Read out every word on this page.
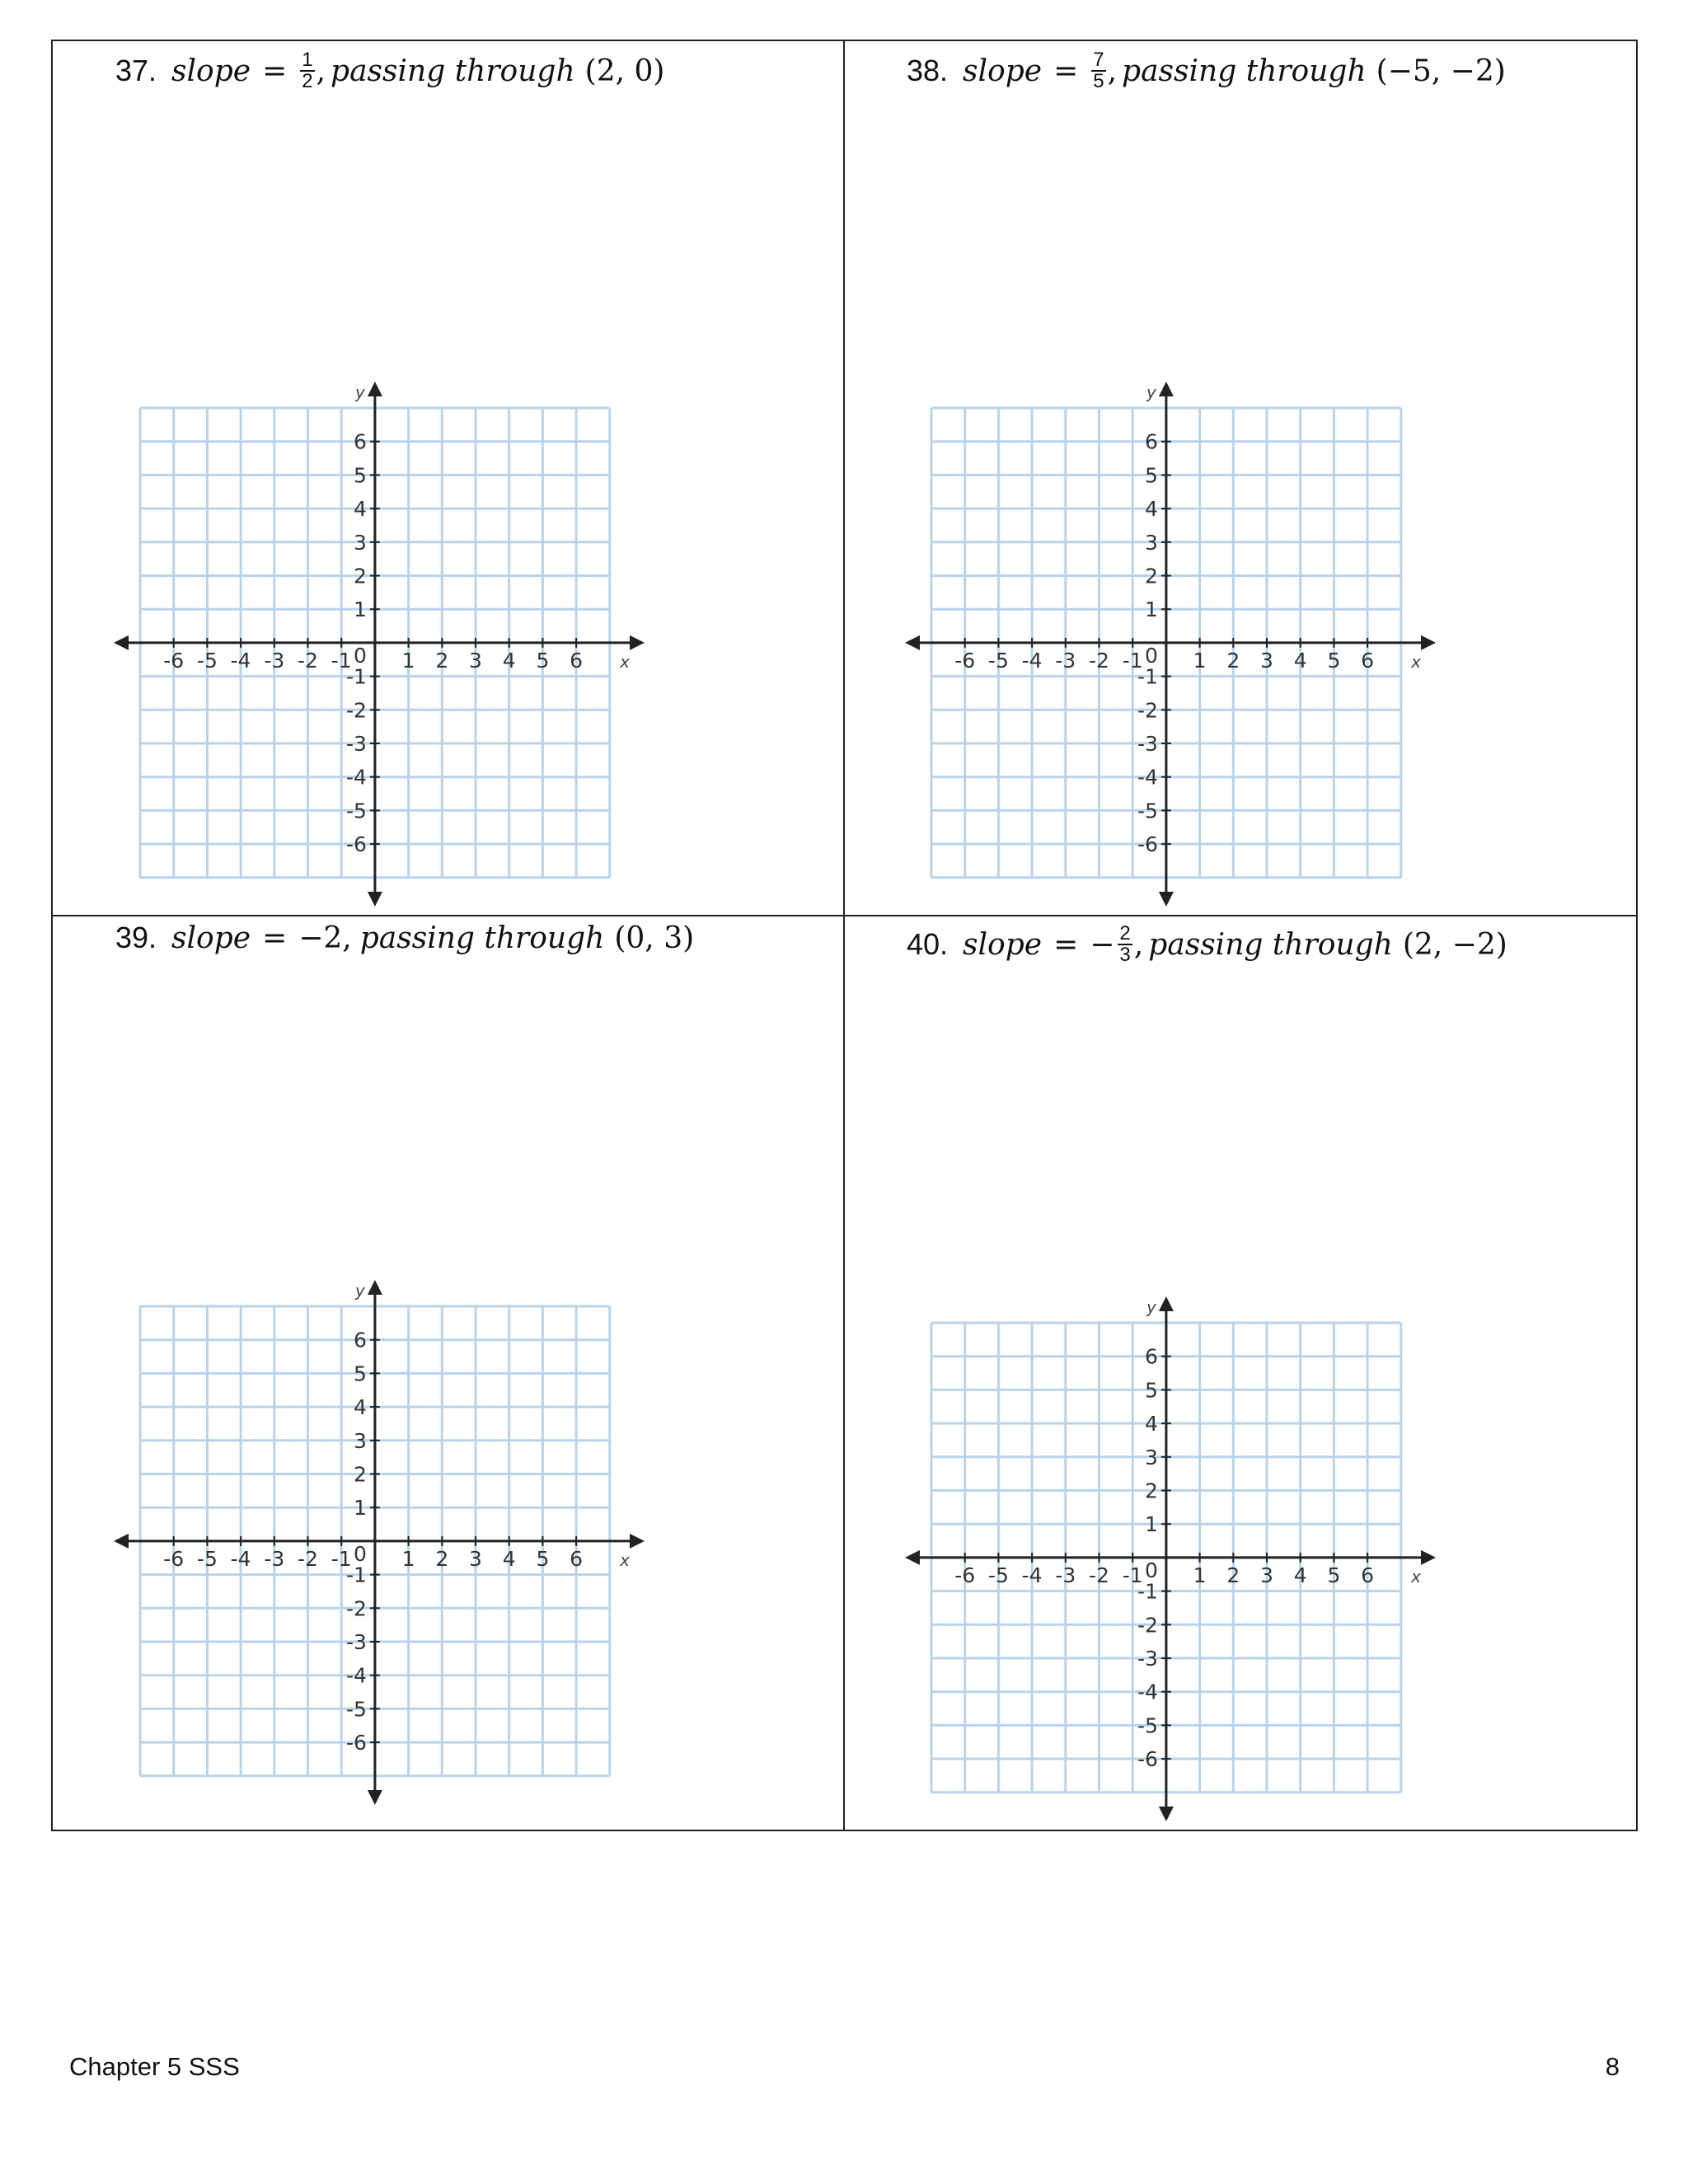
37. slope = $\frac{1}{2}$ , passing through (2, 0)	38. slope = $\frac{7}{5}$ , passing through (−5, −2)
39. slope = −2, passing through (0, 3)	40. slope = − $\frac{2}{3}$ , passing through (2, −2)
-6 -5 -4 -3 -2 -1 1 2 3 4 5 6
6
5
4
3
2
1
-1
-2
-3
-4
-5
-6
0	x
y
-6 -5 -4 -3 -2 -1 1 2 3 4 5 6
6
5
4
3
2
1
-1
-2
-3
-4
-5
-6
0	x
y
-6 -5 -4 -3 -2 -1 1 2 3 4 5 6
6
5
4
3
2
1
-1
-2
-3
-4
-5
-6
0	x
y
-6 -5 -4 -3 -2 -1 1 2 3 4 5 6
6
5
4
3
2
1
-1
-2
-3
-4
-5
-6
0	x
y
Chapter 5 SSS	8
